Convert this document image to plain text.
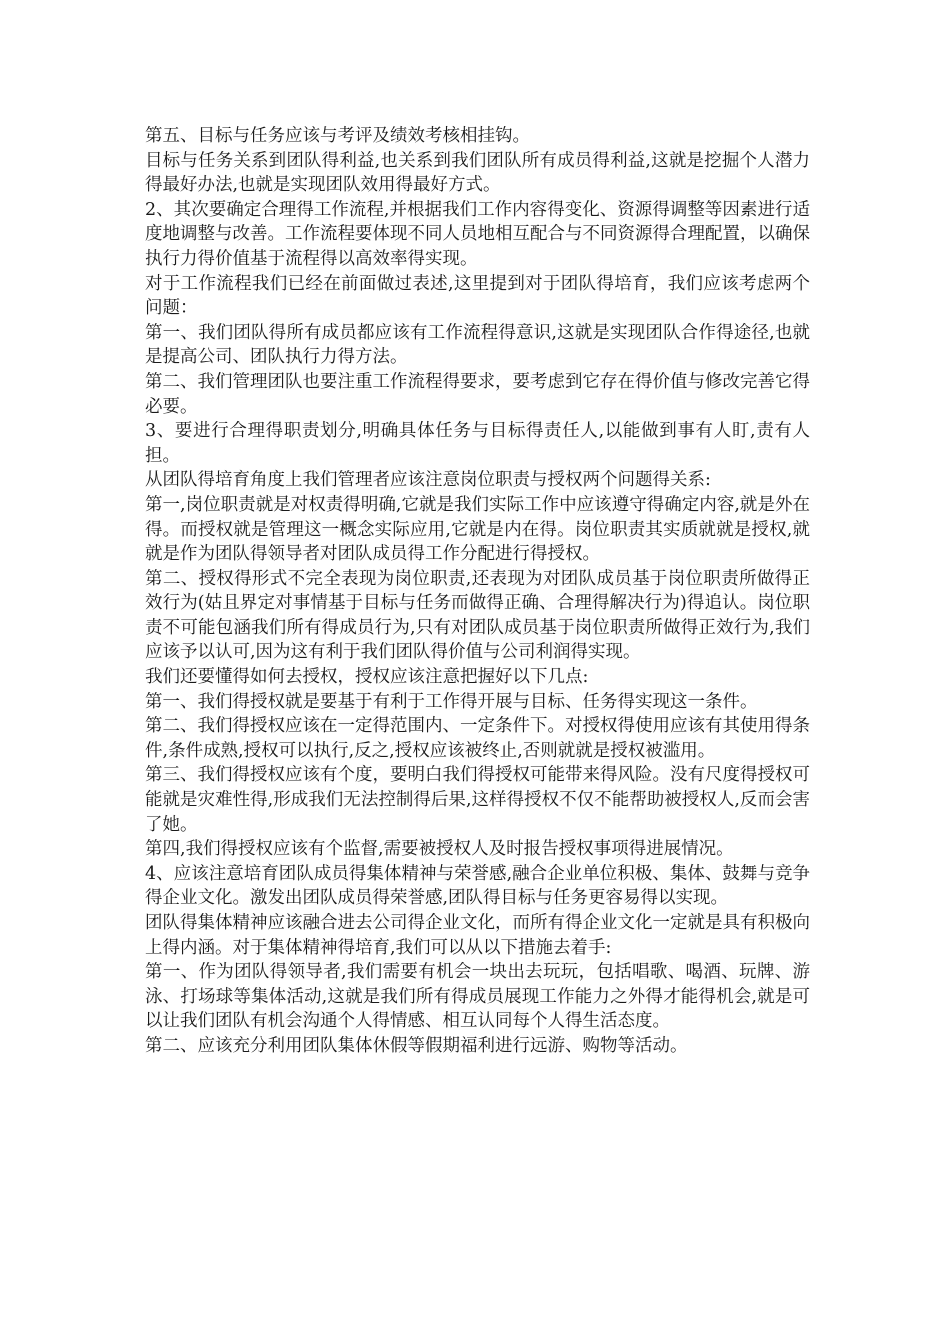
第五、目标与任务应该与考评及绩效考核相挂钩。

目标与任务关系到团队得利益,也关系到我们团队所有成员得利益,这就是挖掘个人潜力得最好办法,也就是实现团队效用得最好方式。

2、其次要确定合理得工作流程,并根据我们工作内容得变化、资源得调整等因素进行适度地调整与改善。工作流程要体现不同人员地相互配合与不同资源得合理配置，以确保执行力得价值基于流程得以高效率得实现。

对于工作流程我们已经在前面做过表述,这里提到对于团队得培育，我们应该考虑两个问题：

第一、我们团队得所有成员都应该有工作流程得意识,这就是实现团队合作得途径,也就是提高公司、团队执行力得方法。

第二、我们管理团队也要注重工作流程得要求，要考虑到它存在得价值与修改完善它得必要。

3、要进行合理得职责划分,明确具体任务与目标得责任人,以能做到事有人盯,责有人担。

从团队得培育角度上我们管理者应该注意岗位职责与授权两个问题得关系:

第一,岗位职责就是对权责得明确,它就是我们实际工作中应该遵守得确定内容,就是外在得。而授权就是管理这一概念实际应用,它就是内在得。岗位职责其实质就就是授权,就就是作为团队得领导者对团队成员得工作分配进行得授权。

第二、授权得形式不完全表现为岗位职责,还表现为对团队成员基于岗位职责所做得正效行为(姑且界定对事情基于目标与任务而做得正确、合理得解决行为)得追认。岗位职责不可能包涵我们所有得成员行为,只有对团队成员基于岗位职责所做得正效行为,我们应该予以认可,因为这有利于我们团队得价值与公司利润得实现。

我们还要懂得如何去授权，授权应该注意把握好以下几点:

第一、我们得授权就是要基于有利于工作得开展与目标、任务得实现这一条件。

第二、我们得授权应该在一定得范围内、一定条件下。对授权得使用应该有其使用得条件,条件成熟,授权可以执行,反之,授权应该被终止,否则就就是授权被滥用。

第三、我们得授权应该有个度，要明白我们得授权可能带来得风险。没有尺度得授权可能就是灾难性得,形成我们无法控制得后果,这样得授权不仅不能帮助被授权人,反而会害了她。

第四,我们得授权应该有个监督,需要被授权人及时报告授权事项得进展情况。

4、应该注意培育团队成员得集体精神与荣誉感,融合企业单位积极、集体、鼓舞与竞争得企业文化。激发出团队成员得荣誉感,团队得目标与任务更容易得以实现。

团队得集体精神应该融合进去公司得企业文化，而所有得企业文化一定就是具有积极向上得内涵。对于集体精神得培育,我们可以从以下措施去着手:

第一、作为团队得领导者,我们需要有机会一块出去玩玩，包括唱歌、喝酒、玩牌、游泳、打场球等集体活动,这就是我们所有得成员展现工作能力之外得才能得机会,就是可以让我们团队有机会沟通个人得情感、相互认同每个人得生活态度。

第二、应该充分利用团队集体休假等假期福利进行远游、购物等活动。
